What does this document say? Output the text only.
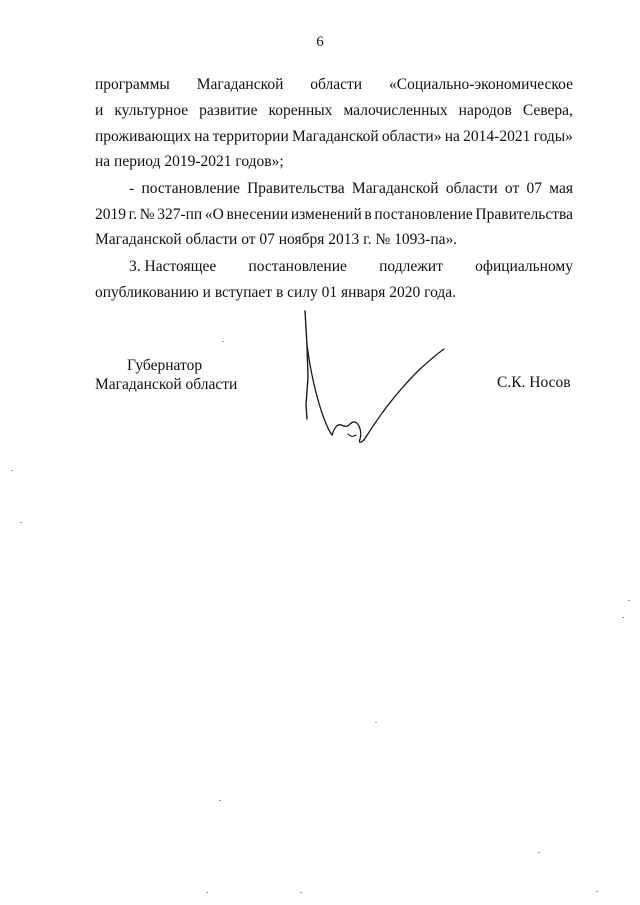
6
программы Магаданской области «Социально-экономическое
и культурное развитие коренных малочисленных народов Севера,
проживающих на территории Магаданской области» на 2014-2021 годы»
на период 2019-2021 годов»;
- постановление Правительства Магаданской области от 07 мая
2019 г. № 327-пп «О внесении изменений в постановление Правительства
Магаданской области от 07 ноября 2013 г. № 1093-па».
3. Настоящее постановление подлежит официальному
опубликованию и вступает в силу 01 января 2020 года.
Губернатор
Магаданской области	С.К. Носов
